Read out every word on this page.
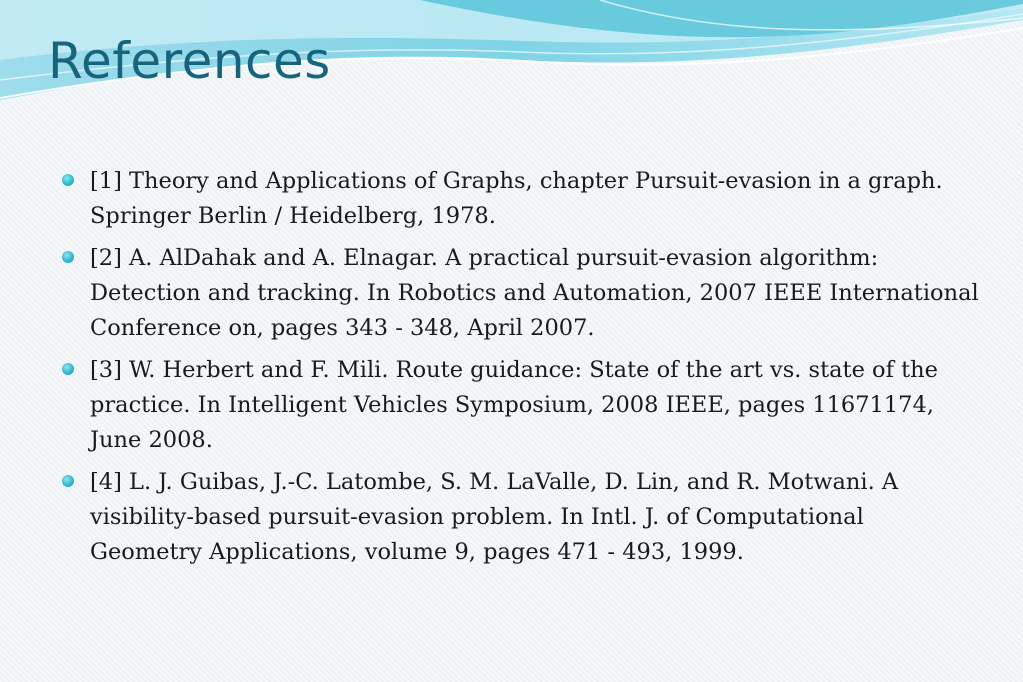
References
[1] Theory and Applications of Graphs, chapter Pursuit-evasion in a graph. Springer Berlin / Heidelberg, 1978.
[2] A. AlDahak and A. Elnagar. A practical pursuit-evasion algorithm: Detection and tracking. In Robotics and Automation, 2007 IEEE International Conference on, pages 343 - 348, April 2007.
[3] W. Herbert and F. Mili. Route guidance: State of the art vs. state of the practice. In Intelligent Vehicles Symposium, 2008 IEEE, pages 11671174, June 2008.
[4] L. J. Guibas, J.-C. Latombe, S. M. LaValle, D. Lin, and R. Motwani. A visibility-based pursuit-evasion problem. In Intl. J. of Computational Geometry Applications, volume 9, pages 471 - 493, 1999.
